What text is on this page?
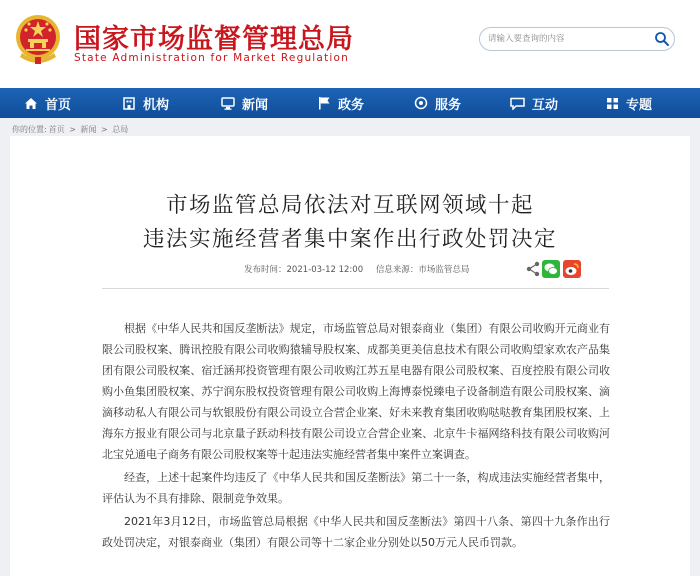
国家市场监督管理总局
State Administration for Market Regulation
请输入要查询的内容
首页	机构	新闻	政务	服务	互动	专题
你的位置: 首页 > 新闻 > 总局
市场监管总局依法对互联网领域十起
违法实施经营者集中案作出行政处罚决定
发布时间：2021-03-12 12:00 信息来源：市场监管总局

根据《中华人民共和国反垄断法》规定，市场监管总局对银泰商业（集团）有限公司收购开元商业有限公司股权案、腾讯控股有限公司收购猿辅导股权案、成都美更美信息技术有限公司收购望家欢农产品集团有限公司股权案、宿迁涵邦投资管理有限公司收购江苏五星电器有限公司股权案、百度控股有限公司收购小鱼集团股权案、苏宁润东股权投资管理有限公司收购上海博泰悦臻电子设备制造有限公司股权案、滴滴移动私人有限公司与软银股份有限公司设立合营企业案、好未来教育集团收购哒哒教育集团股权案、上海东方报业有限公司与北京量子跃动科技有限公司设立合营企业案、北京牛卡福网络科技有限公司收购河北宝兑通电子商务有限公司股权案等十起违法实施经营者集中案件立案调查。

经查，上述十起案件均违反了《中华人民共和国反垄断法》第二十一条，构成违法实施经营者集中，评估认为不具有排除、限制竞争效果。

2021年3月12日，市场监管总局根据《中华人民共和国反垄断法》第四十八条、第四十九条作出行政处罚决定，对银泰商业（集团）有限公司等十二家企业分别处以50万元人民币罚款。
